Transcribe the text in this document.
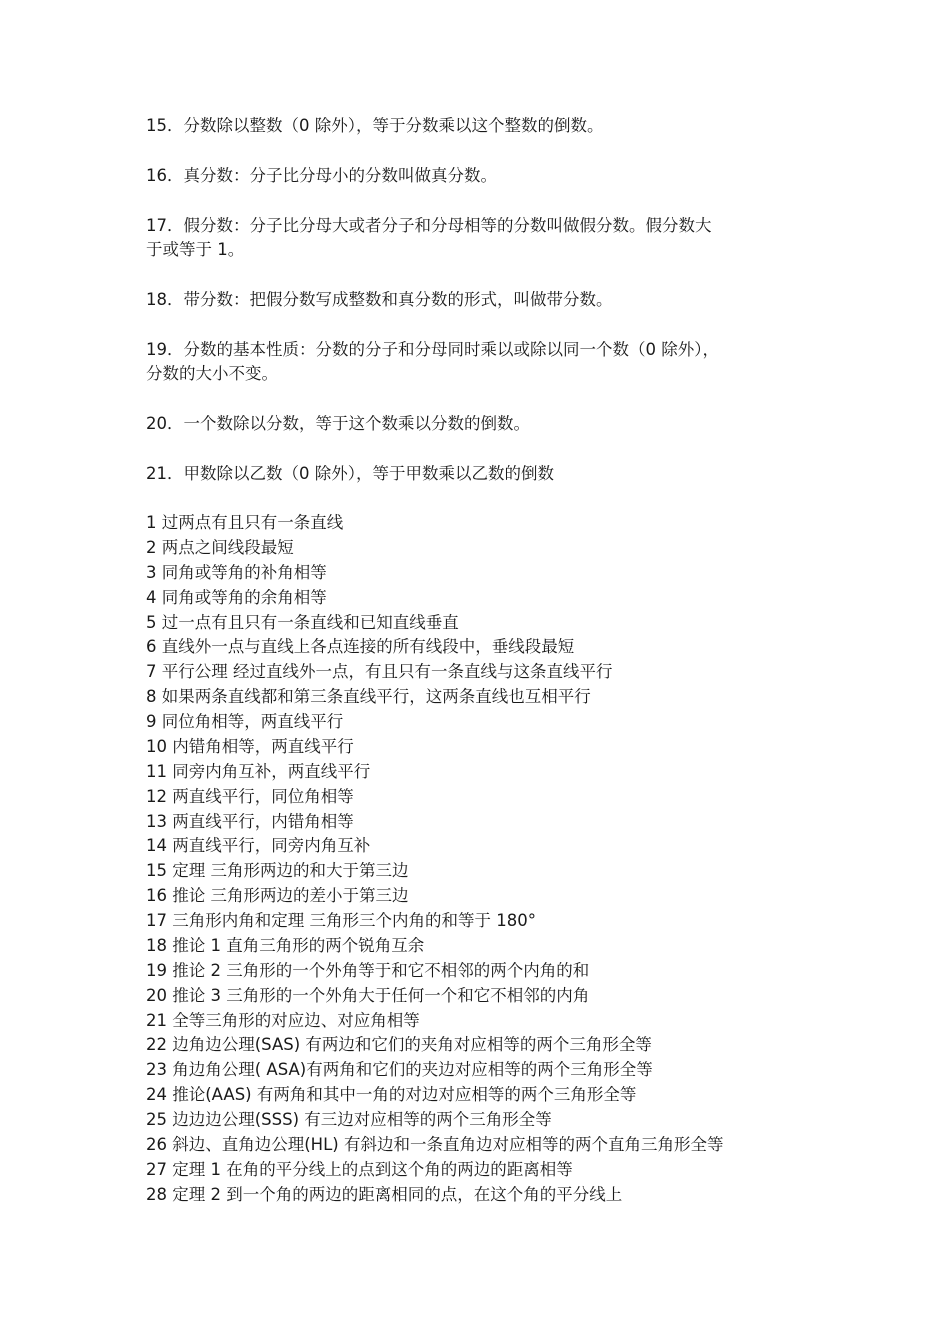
15．分数除以整数（0 除外），等于分数乘以这个整数的倒数。

16．真分数：分子比分母小的分数叫做真分数。

17．假分数：分子比分母大或者分子和分母相等的分数叫做假分数。假分数大
于或等于 1。

18．带分数：把假分数写成整数和真分数的形式，叫做带分数。

19．分数的基本性质：分数的分子和分母同时乘以或除以同一个数（0 除外），
分数的大小不变。

20．一个数除以分数，等于这个数乘以分数的倒数。

21．甲数除以乙数（0 除外），等于甲数乘以乙数的倒数

1 过两点有且只有一条直线
2 两点之间线段最短
3 同角或等角的补角相等
4 同角或等角的余角相等
5 过一点有且只有一条直线和已知直线垂直
6 直线外一点与直线上各点连接的所有线段中，垂线段最短
7 平行公理 经过直线外一点，有且只有一条直线与这条直线平行
8 如果两条直线都和第三条直线平行，这两条直线也互相平行
9 同位角相等，两直线平行
10 内错角相等，两直线平行
11 同旁内角互补，两直线平行
12 两直线平行，同位角相等
13 两直线平行，内错角相等
14 两直线平行，同旁内角互补
15 定理 三角形两边的和大于第三边
16 推论 三角形两边的差小于第三边
17 三角形内角和定理 三角形三个内角的和等于 180°
18 推论 1 直角三角形的两个锐角互余
19 推论 2 三角形的一个外角等于和它不相邻的两个内角的和
20 推论 3 三角形的一个外角大于任何一个和它不相邻的内角
21 全等三角形的对应边、对应角相等
22 边角边公理(SAS) 有两边和它们的夹角对应相等的两个三角形全等
23 角边角公理( ASA)有两角和它们的夹边对应相等的两个三角形全等
24 推论(AAS) 有两角和其中一角的对边对应相等的两个三角形全等
25 边边边公理(SSS) 有三边对应相等的两个三角形全等
26 斜边、直角边公理(HL) 有斜边和一条直角边对应相等的两个直角三角形全等
27 定理 1 在角的平分线上的点到这个角的两边的距离相等
28 定理 2 到一个角的两边的距离相同的点，在这个角的平分线上
